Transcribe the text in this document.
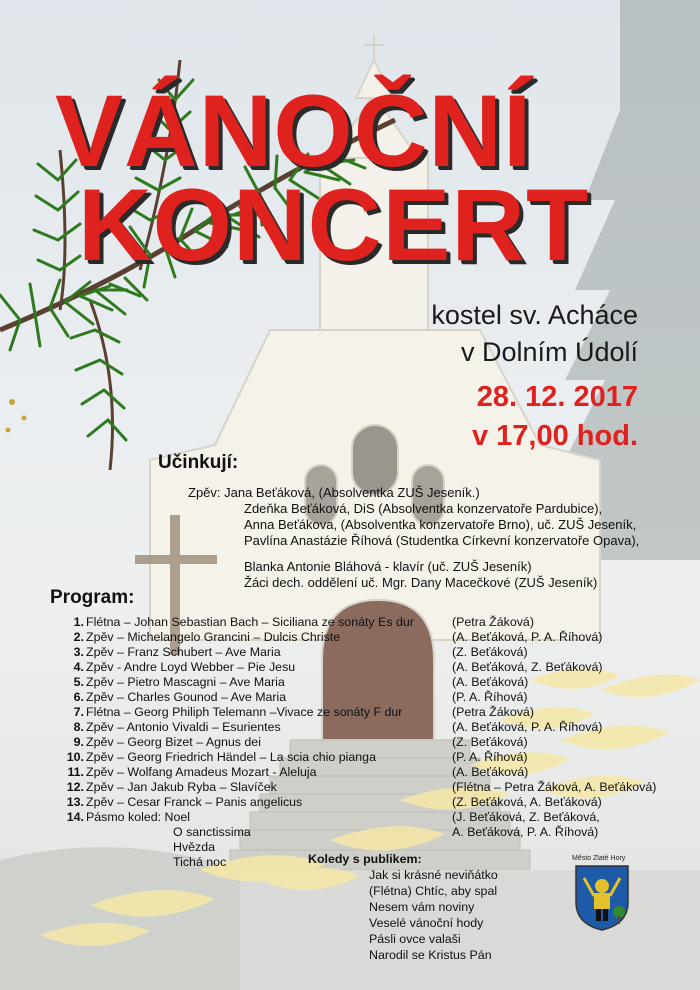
VÁNOČNÍ
KONCERT
kostel sv. Achácе
v Dolním Údolí
28. 12. 2017
v 17,00 hod.
Učinkují:
Zpěv: Jana Beťáková, (Absolventka ZUŠ Jeseník.)
Zdeňka Beťáková, DiS (Absolventka konzervatoře Pardubice),
Anna Beťákova, (Absolventka konzervatoře Brno), uč. ZUŠ Jeseník,
Pavlína Anastázie Říhová (Studentka Církevní konzervatoře Opava),
Blanka Antonie Bláhová - klavír (uč. ZUŠ Jeseník)
Žáci dech. oddělení uč. Mgr. Dany Macečkové (ZUŠ Jeseník)
Program:
1. Flétna – Johan Sebastian Bach – Siciliana ze sonáty Es dur	(Petra Žáková)
2. Zpěv – Michelangelo Grancini – Dulcis Christe	(A. Beťáková, P. A. Říhová)
3. Zpěv – Franz Schubert – Ave Maria	(Z. Beťáková)
4. Zpěv - Andre Loyd Webber – Pie Jesu	(A. Beťáková, Z. Beťáková)
5. Zpěv – Pietro Mascagni – Ave Maria	(A. Beťáková)
6. Zpěv – Charles Gounod – Ave Maria	(P. A. Říhová)
7. Flétna – Georg Philiph Telemann –Vivace ze sonáty F dur	(Petra Žáková)
8. Zpěv – Antonio Vivaldi – Esurientes	(A. Beťáková, P. A. Říhová)
9. Zpěv – Georg Bizet – Agnus dei	(Z. Beťáková)
10. Zpěv – Georg Friedrich Händel – La scia chio pianga	(P. A. Říhová)
11. Zpěv – Wolfang Amadeus Mozart - Aleluja	(A. Beťáková)
12. Zpěv – Jan Jakub Ryba – Slavíček	(Flétna – Petra Žáková, A. Beťáková)
13. Zpěv – Cesar Franck – Panis angelicus	(Z. Beťáková, A. Beťáková)
14. Pásmo koled: Noel	(J. Beťáková, Z. Beťáková,
A. Beťáková, P. A. Říhová)
O sanctissima
Hvězda
Tichá noc	Koledy s publikem:
Jak si krásné neviňátko
(Flétna) Chtíc, aby spal
Nesem vám noviny
Veselé vánoční hody
Pásli ovce valaši
Narodil se Kristus Pán
Město Zlaté Hory
